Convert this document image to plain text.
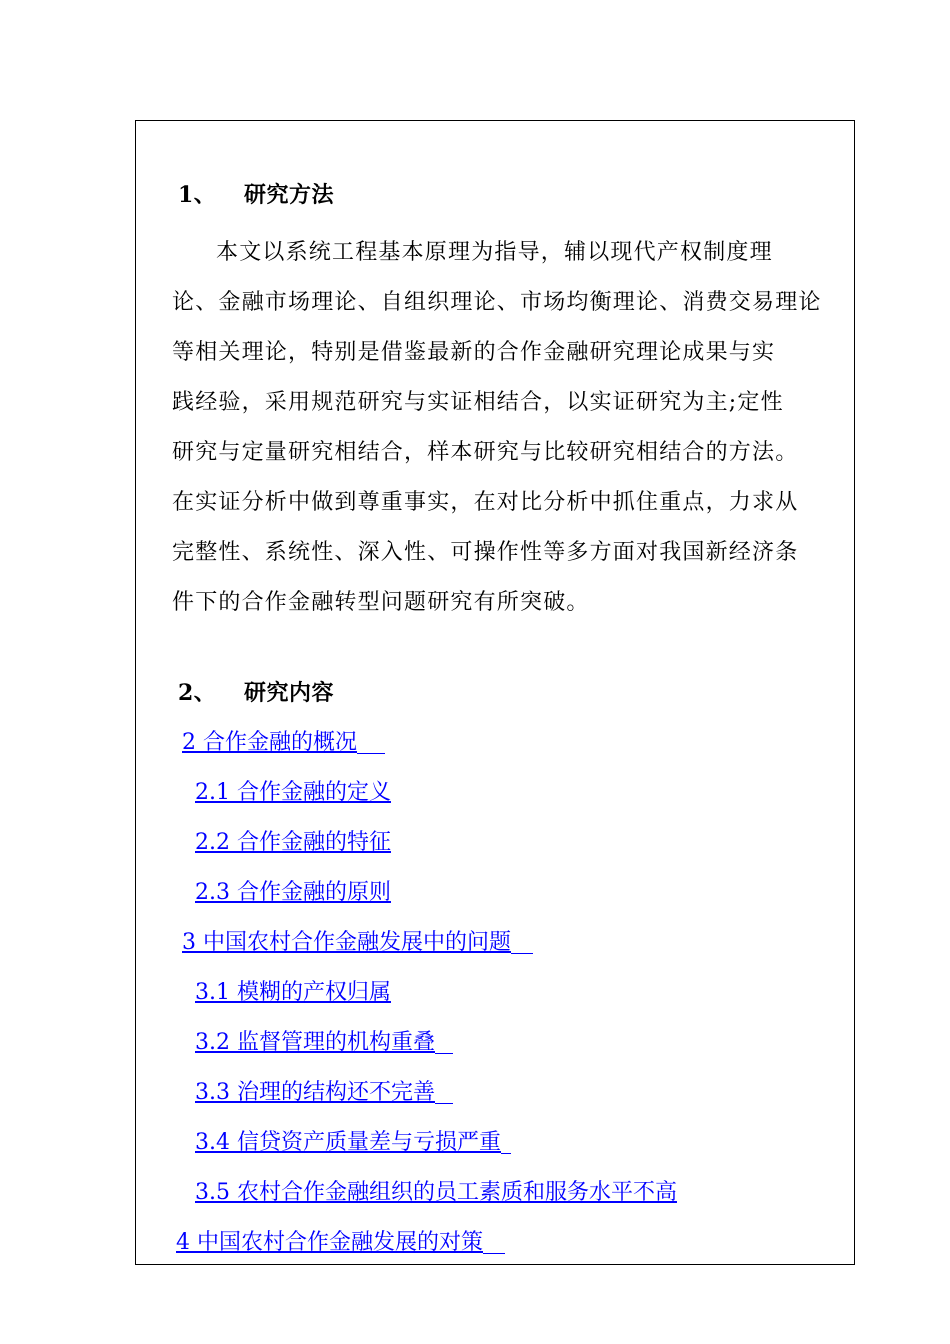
1、 研究方法

本文以系统工程基本原理为指导，辅以现代产权制度理
论、金融市场理论、自组织理论、市场均衡理论、消费交易理论
等相关理论，特别是借鉴最新的合作金融研究理论成果与实
践经验，采用规范研究与实证相结合，以实证研究为主;定性
研究与定量研究相结合，样本研究与比较研究相结合的方法。
在实证分析中做到尊重事实，在对比分析中抓住重点，力求从
完整性、系统性、深入性、可操作性等多方面对我国新经济条
件下的合作金融转型问题研究有所突破。

2、 研究内容
2 合作金融的概况
2.1 合作金融的定义
2.2 合作金融的特征
2.3 合作金融的原则
3 中国农村合作金融发展中的问题
3.1 模糊的产权归属
3.2 监督管理的机构重叠
3.3 治理的结构还不完善
3.4 信贷资产质量差与亏损严重
3.5 农村合作金融组织的员工素质和服务水平不高
4 中国农村合作金融发展的对策
